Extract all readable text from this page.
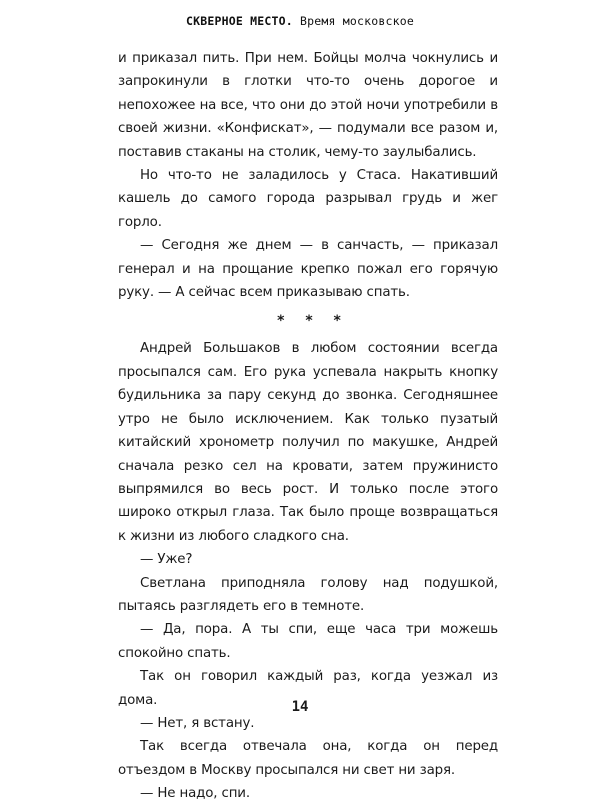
СКВЕРНОЕ МЕСТО. Время московское

и приказал пить. При нем. Бойцы молча чокнулись и запрокинули в глотки что-то очень дорогое и непохожее на все, что они до этой ночи употребили в своей жизни. «Конфискат», — подумали все разом и, поставив стаканы на столик, чему-то заулыбались.

Но что-то не заладилось у Стаса. Накативший кашель до самого города разрывал грудь и жег горло.

— Сегодня же днем — в санчасть, — приказал генерал и на прощание крепко пожал его горячую руку. — А сейчас всем приказываю спать.

* * *

Андрей Большаков в любом состоянии всегда просыпался сам. Его рука успевала накрыть кнопку будильника за пару секунд до звонка. Сегодняшнее утро не было исключением. Как только пузатый китайский хронометр получил по макушке, Андрей сначала резко сел на кровати, затем пружинисто выпрямился во весь рост. И только после этого широко открыл глаза. Так было проще возвращаться к жизни из любого сладкого сна.

— Уже?

Светлана приподняла голову над подушкой, пытаясь разглядеть его в темноте.

— Да, пора. А ты спи, еще часа три можешь спокойно спать.

Так он говорил каждый раз, когда уезжал из дома.

— Нет, я встану.

Так всегда отвечала она, когда он перед отъездом в Москву просыпался ни свет ни заря.

— Не надо, спи.

14
